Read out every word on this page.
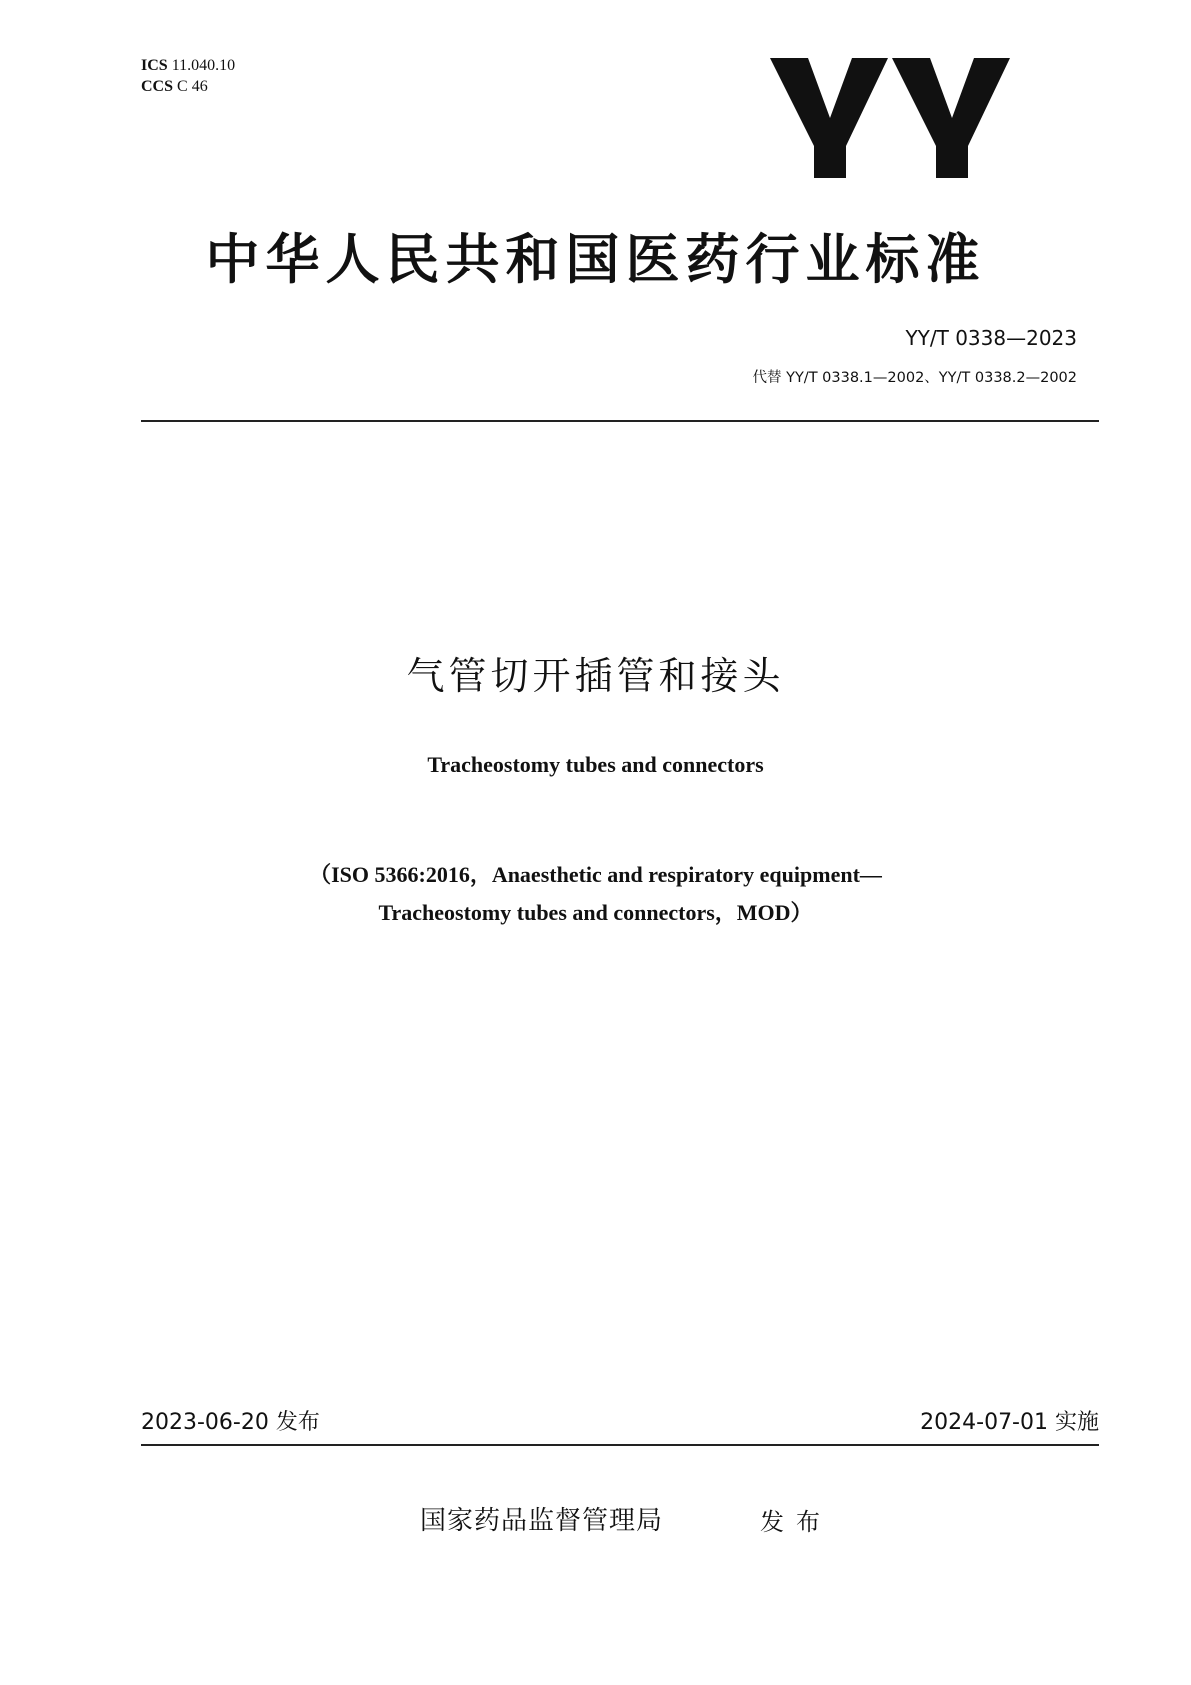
ICS 11.040.10
CCS C 46
中华人民共和国医药行业标准
YY/T 0338—2023
代替 YY/T 0338.1—2002、YY/T 0338.2—2002
气管切开插管和接头
Tracheostomy tubes and connectors
（ISO 5366:2016，Anaesthetic and respiratory equipment—
Tracheostomy tubes and connectors，MOD）
2023-06-20 发布	2024-07-01 实施
国家药品监督管理局	发布
